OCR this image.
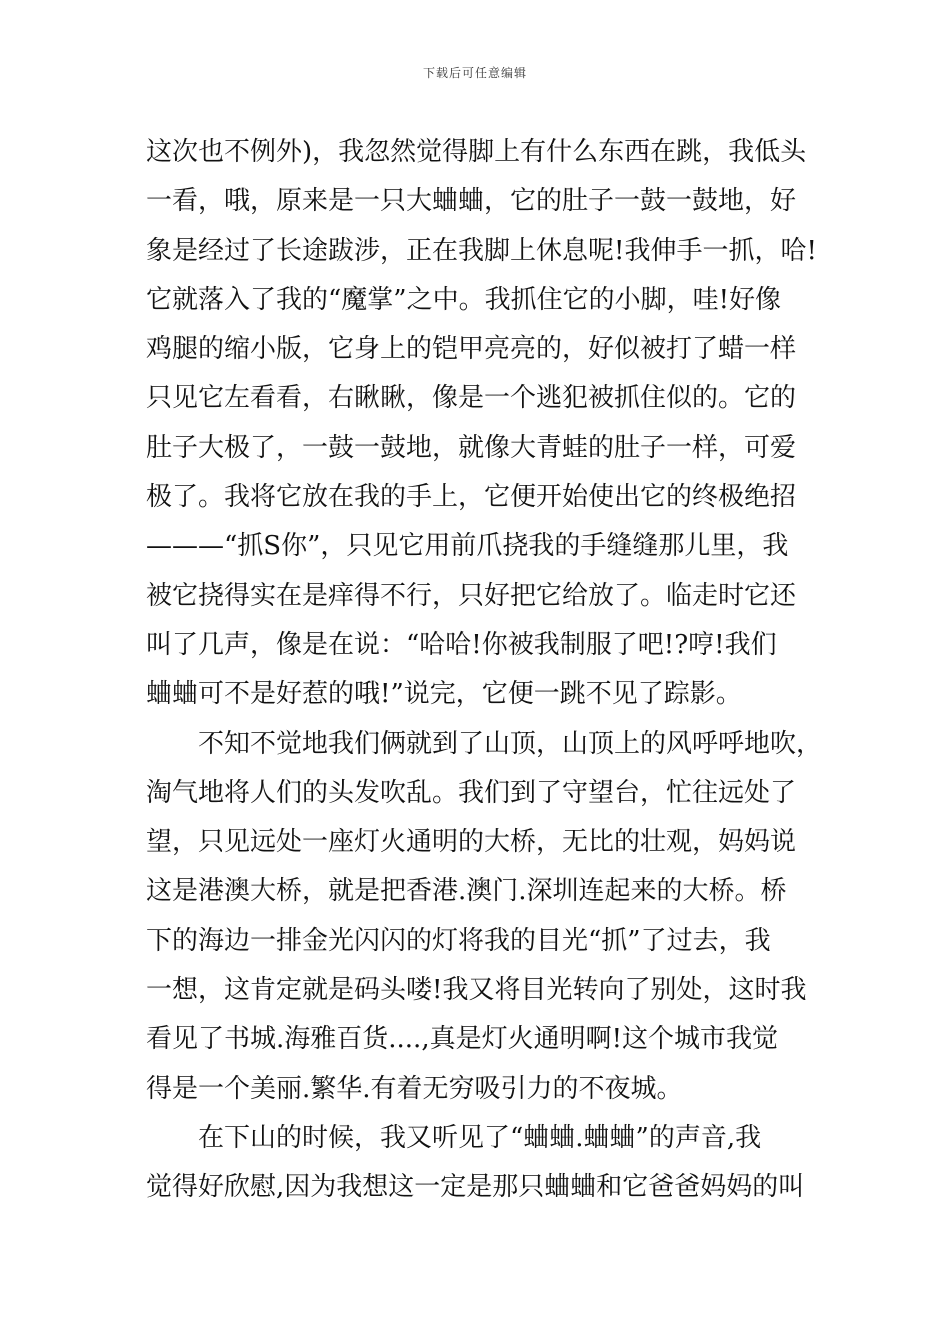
下载后可任意编辑
这次也不例外)，我忽然觉得脚上有什么东西在跳，我低头
一看，哦，原来是一只大蛐蛐，它的肚子一鼓一鼓地，好
象是经过了长途跋涉，正在我脚上休息呢!我伸手一抓，哈!
它就落入了我的“魔掌”之中。我抓住它的小脚，哇!好像
鸡腿的缩小版，它身上的铠甲亮亮的，好似被打了蜡一样
只见它左看看，右瞅瞅，像是一个逃犯被抓住似的。它的
肚子大极了，一鼓一鼓地，就像大青蛙的肚子一样，可爱
极了。我将它放在我的手上，它便开始使出它的终极绝招
———“抓S你”，只见它用前爪挠我的手缝缝那儿里，我
被它挠得实在是痒得不行，只好把它给放了。临走时它还
叫了几声，像是在说：“哈哈!你被我制服了吧!?哼!我们
蛐蛐可不是好惹的哦!”说完，它便一跳不见了踪影。
　　不知不觉地我们俩就到了山顶，山顶上的风呼呼地吹，
淘气地将人们的头发吹乱。我们到了守望台，忙往远处了
望，只见远处一座灯火通明的大桥，无比的壮观，妈妈说
这是港澳大桥，就是把香港.澳门.深圳连起来的大桥。桥
下的海边一排金光闪闪的灯将我的目光“抓”了过去，我
一想，这肯定就是码头喽!我又将目光转向了别处，这时我
看见了书城.海雅百货....,真是灯火通明啊!这个城市我觉
得是一个美丽.繁华.有着无穷吸引力的不夜城。
　　在下山的时候，我又听见了“蛐蛐.蛐蛐”的声音,我
觉得好欣慰,因为我想这一定是那只蛐蛐和它爸爸妈妈的叫
